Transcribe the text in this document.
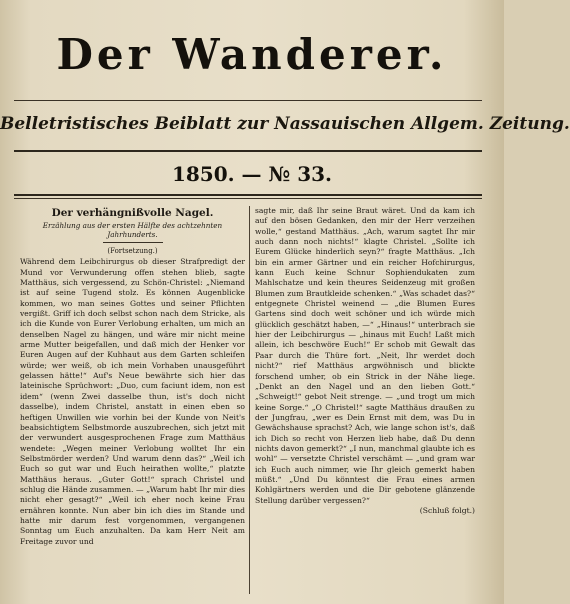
Der Wanderer.
Belletristisches Beiblatt zur Nassauischen Allgem. Zeitung.
1850. — № 33.
Der verhängnißvolle Nagel.
Erzählung aus der ersten Hälfte des achtzehnten Jahrhunderts.
(Fortsetzung.)

Während dem Leibchirurgus ob dieser Strafpredigt der Mund vor Verwunderung offen stehen blieb, sagte Matthäus, sich vergessend, zu Schön-Christel: „Niemand ist auf seine Tugend stolz. Es können Augenblicke kommen, wo man seines Gottes und seiner Pflichten vergißt. Griff ich doch selbst schon nach dem Stricke, als ich die Kunde von Eurer Verlobung erhalten, um mich an denselben Nagel zu hängen, und wäre mir nicht meine arme Mutter beigefallen, und daß mich der Henker vor Euren Augen auf der Kuhhaut aus dem Garten schleifen würde; wer weiß, ob ich mein Vorhaben unausgeführt gelassen hätte!“ Auf's Neue bewährte sich hier das lateinische Sprüchwort: „Duo, cum faciunt idem, non est idem“ (wenn Zwei dasselbe thun, ist's doch nicht dasselbe), indem Christel, anstatt in einen eben so heftigen Unwillen wie vorhin bei der Kunde von Neit's beabsichtigtem Selbstmorde auszubrechen, sich jetzt mit der verwundert ausgesprochenen Frage zum Matthäus wendete: „Wegen meiner Verlobung wolltet Ihr ein Selbstmörder werden? Und warum denn das?“ „Weil ich Euch so gut war und Euch heirathen wollte,“ platzte Matthäus heraus. „Guter Gott!“ sprach Christel und schlug die Hände zusammen. — „Warum habt Ihr mir dies nicht eher gesagt?“ „Weil ich eher noch keine Frau ernähren konnte. Nun aber bin ich dies im Stande und hatte mir darum fest vorgenommen, vergangenen Sonntag um Euch anzuhalten. Da kam Herr Neit am Freitage zuvor und

sagte mir, daß Ihr seine Braut wäret. Und da kam ich auf den bösen Gedanken, den mir der Herr verzeihen wolle,“ gestand Matthäus. „Ach, warum sagtet Ihr mir auch dann noch nichts!“ klagte Christel. „Sollte ich Eurem Glücke hinderlich seyn?“ fragte Matthäus. „Ich bin ein armer Gärtner und ein reicher Hofchirurgus, kann Euch keine Schnur Sophiendukaten zum Mahlschatze und kein theures Seidenzeug mit großen Blumen zum Brautkleide schenken.“ „Was schadet das?“ entgegnete Christel weinend — „die Blumen Eures Gartens sind doch weit schöner und ich würde mich glücklich geschätzt haben, —“ „Hinaus!“ unterbrach sie hier der Leibchirurgus — „hinaus mit Euch! Laßt mich allein, ich beschwöre Euch!“ Er schob mit Gewalt das Paar durch die Thüre fort. „Neit, Ihr werdet doch nicht?“ rief Matthäus argwöhnisch und blickte forschend umher, ob ein Strick in der Nähe liege. „Denkt an den Nagel und an den lieben Gott.“ „Schweigt!“ gebot Neit strenge. — „und trogt um mich keine Sorge.“ „O Christel!“ sagte Matthäus draußen zu der Jungfrau, „wer es Dein Ernst mit dem, was Du in Gewächshause sprachst? Ach, wie lange schon ist's, daß ich Dich so recht von Herzen lieb habe, daß Du denn nichts davon gemerkt?“ „I nun, manchmal glaubte ich es wohl“ — versetzte Christel verschämt — „und gram war ich Euch auch nimmer, wie Ihr gleich gemerkt haben müßt.“ „Und Du könntest die Frau eines armen Kohlgärtners werden und die Dir gebotene glänzende Stellung darüber vergessen?“

(Schluß folgt.)
